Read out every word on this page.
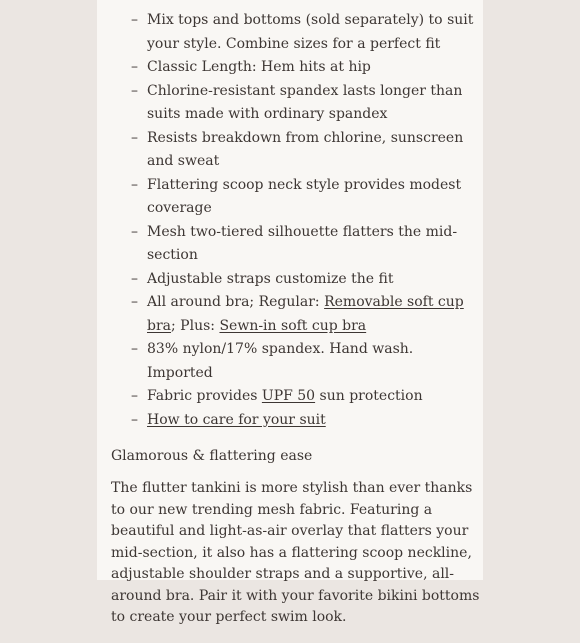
– Mix tops and bottoms (sold separately) to suit your style. Combine sizes for a perfect fit
– Classic Length: Hem hits at hip
– Chlorine-resistant spandex lasts longer than suits made with ordinary spandex
– Resists breakdown from chlorine, sunscreen and sweat
– Flattering scoop neck style provides modest coverage
– Mesh two-tiered silhouette flatters the mid-section
– Adjustable straps customize the fit
– All around bra; Regular: Removable soft cup bra; Plus: Sewn-in soft cup bra
– 83% nylon/17% spandex. Hand wash. Imported
– Fabric provides UPF 50 sun protection
– How to care for your suit
Glamorous & flattering ease

The flutter tankini is more stylish than ever thanks to our new trending mesh fabric. Featuring a beautiful and light-as-air overlay that flatters your mid-section, it also has a flattering scoop neckline, adjustable shoulder straps and a supportive, all-around bra. Pair it with your favorite bikini bottoms to create your perfect swim look.
